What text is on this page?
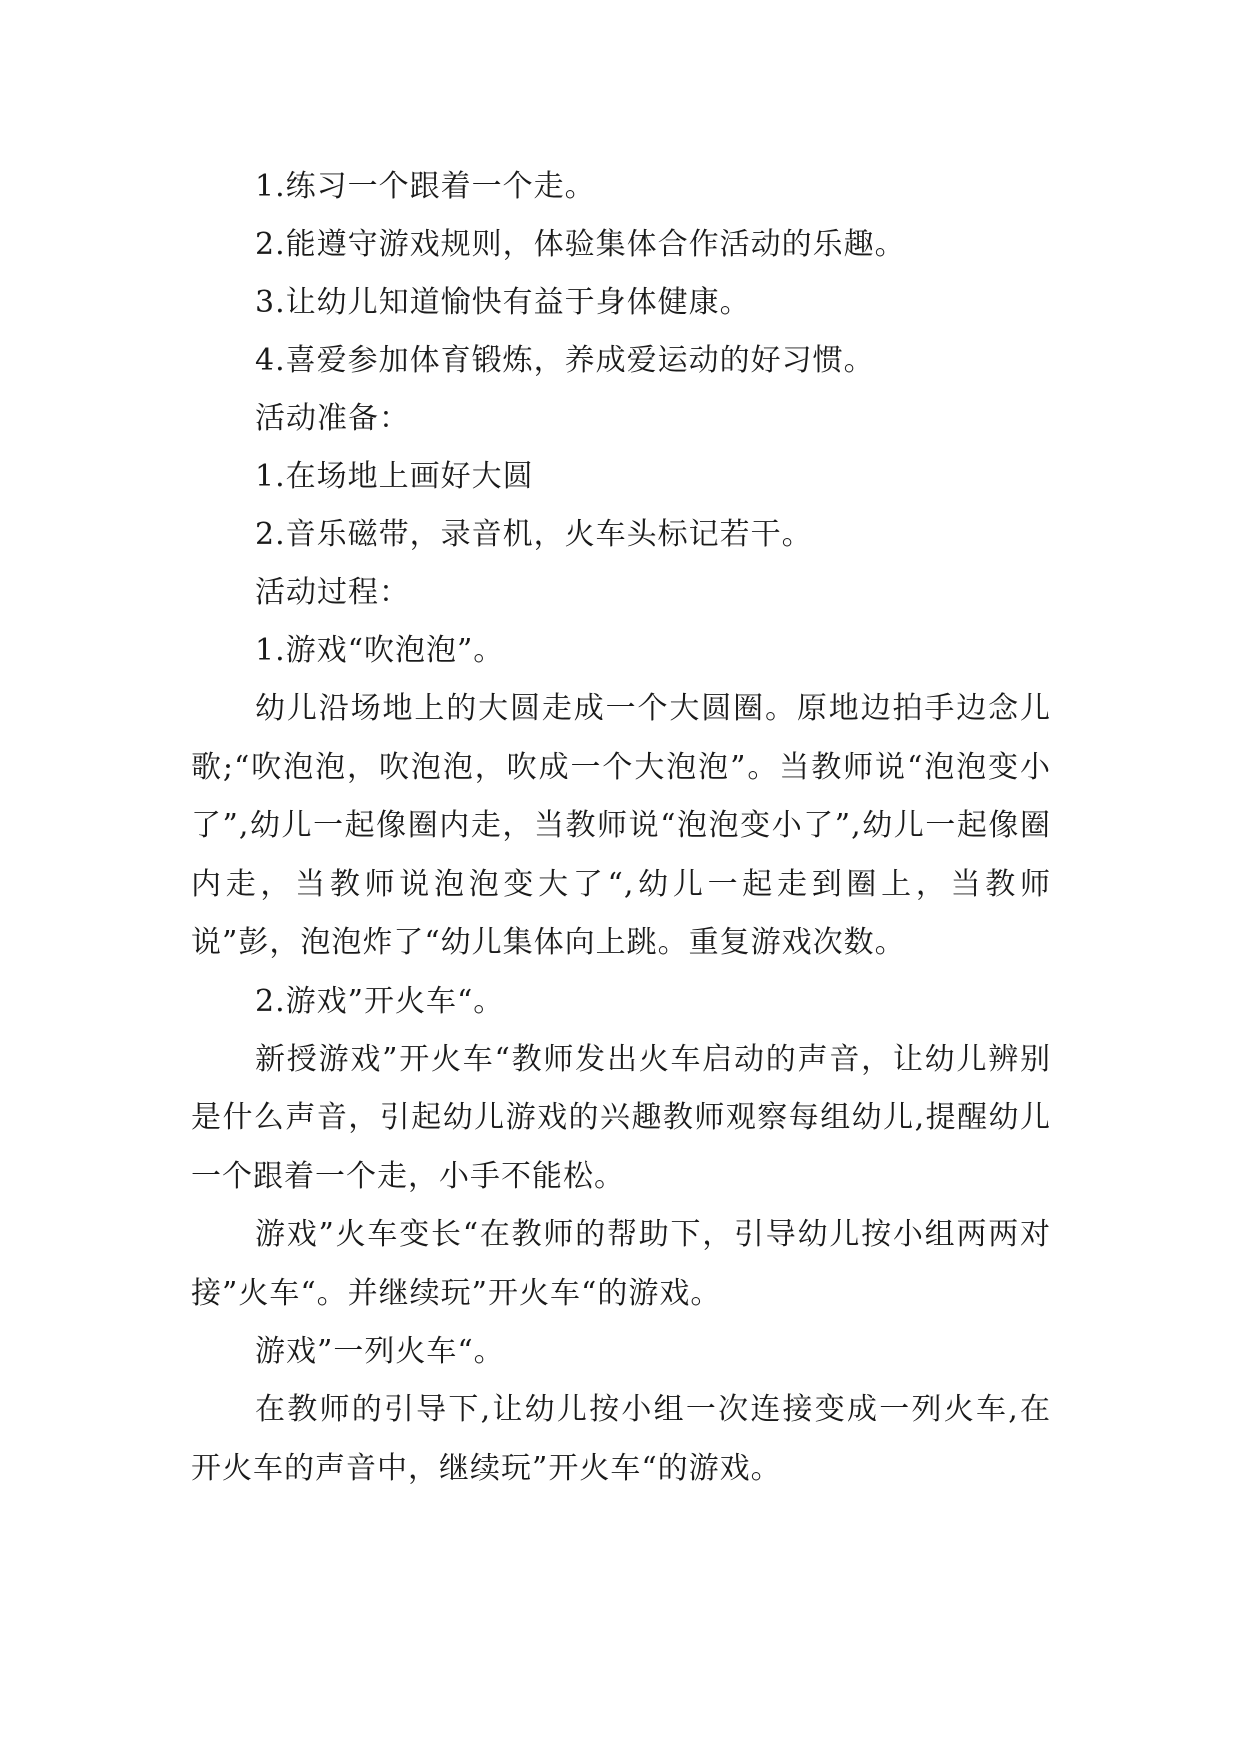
1.练习一个跟着一个走。

2.能遵守游戏规则，体验集体合作活动的乐趣。

3.让幼儿知道愉快有益于身体健康。

4.喜爱参加体育锻炼，养成爱运动的好习惯。

活动准备：

1.在场地上画好大圆

2.音乐磁带，录音机，火车头标记若干。

活动过程：

1.游戏“吹泡泡”。

幼儿沿场地上的大圆走成一个大圆圈。原地边拍手边念儿歌;“吹泡泡，吹泡泡，吹成一个大泡泡”。当教师说“泡泡变小了”,幼儿一起像圈内走，当教师说“泡泡变小了”,幼儿一起像圈内走，当教师说泡泡变大了“,幼儿一起走到圈上，当教师说”彭，泡泡炸了“幼儿集体向上跳。重复游戏次数。

2.游戏”开火车“。

新授游戏”开火车“教师发出火车启动的声音，让幼儿辨别是什么声音，引起幼儿游戏的兴趣教师观察每组幼儿,提醒幼儿一个跟着一个走，小手不能松。

游戏”火车变长“在教师的帮助下，引导幼儿按小组两两对接”火车“。并继续玩”开火车“的游戏。

游戏”一列火车“。

在教师的引导下,让幼儿按小组一次连接变成一列火车,在开火车的声音中，继续玩”开火车“的游戏。
